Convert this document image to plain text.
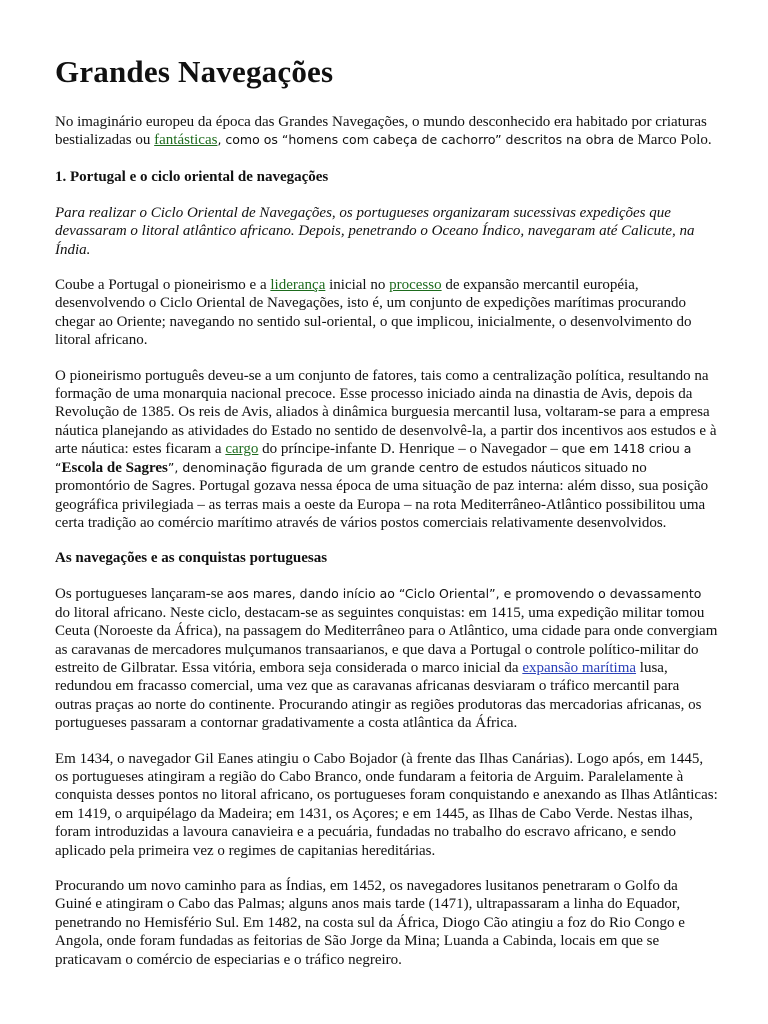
Grandes Navegações

No imaginário europeu da época das Grandes Navegações, o mundo desconhecido era habitado por criaturas bestializadas ou fantásticas, como os “homens com cabeça de cachorro” descritos na obra de Marco Polo.

1. Portugal e o ciclo oriental de navegações

Para realizar o Ciclo Oriental de Navegações, os portugueses organizaram sucessivas expedições que devassaram o litoral atlântico africano. Depois, penetrando o Oceano Índico, navegaram até Calicute, na Índia.

Coube a Portugal o pioneirismo e a liderança inicial no processo de expansão mercantil européia, desenvolvendo o Ciclo Oriental de Navegações, isto é, um conjunto de expedições marítimas procurando chegar ao Oriente; navegando no sentido sul-oriental, o que implicou, inicialmente, o desenvolvimento do litoral africano.

O pioneirismo português deveu-se a um conjunto de fatores, tais como a centralização política, resultando na formação de uma monarquia nacional precoce. Esse processo iniciado ainda na dinastia de Avis, depois da Revolução de 1385. Os reis de Avis, aliados à dinâmica burguesia mercantil lusa, voltaram-se para a empresa náutica planejando as atividades do Estado no sentido de desenvolvê-la, a partir dos incentivos aos estudos e à arte náutica: estes ficaram a cargo do príncipe-infante D. Henrique – o Navegador – que em 1418 criou a “Escola de Sagres”, denominação figurada de um grande centro de estudos náuticos situado no promontório de Sagres. Portugal gozava nessa época de uma situação de paz interna: além disso, sua posição geográfica privilegiada – as terras mais a oeste da Europa – na rota Mediterrâneo-Atlântico possibilitou uma certa tradição ao comércio marítimo através de vários postos comerciais relativamente desenvolvidos.

As navegações e as conquistas portuguesas

Os portugueses lançaram-se aos mares, dando início ao “Ciclo Oriental”, e promovendo o devassamento do litoral africano. Neste ciclo, destacam-se as seguintes conquistas: em 1415, uma expedição militar tomou Ceuta (Noroeste da África), na passagem do Mediterrâneo para o Atlântico, uma cidade para onde convergiam as caravanas de mercadores mulçumanos transaarianos, e que dava a Portugal o controle político-militar do estreito de Gilbratar. Essa vitória, embora seja considerada o marco inicial da expansão marítima lusa, redundou em fracasso comercial, uma vez que as caravanas africanas desviaram o tráfico mercantil para outras praças ao norte do continente. Procurando atingir as regiões produtoras das mercadorias africanas, os portugueses passaram a contornar gradativamente a costa atlântica da África.

Em 1434, o navegador Gil Eanes atingiu o Cabo Bojador (à frente das Ilhas Canárias). Logo após, em 1445, os portugueses atingiram a região do Cabo Branco, onde fundaram a feitoria de Arguim. Paralelamente à conquista desses pontos no litoral africano, os portugueses foram conquistando e anexando as Ilhas Atlânticas: em 1419, o arquipélago da Madeira; em 1431, os Açores; e em 1445, as Ilhas de Cabo Verde. Nestas ilhas, foram introduzidas a lavoura canavieira e a pecuária, fundadas no trabalho do escravo africano, e sendo aplicado pela primeira vez o regimes de capitanias hereditárias.

Procurando um novo caminho para as Índias, em 1452, os navegadores lusitanos penetraram o Golfo da Guiné e atingiram o Cabo das Palmas; alguns anos mais tarde (1471), ultrapassaram a linha do Equador, penetrando no Hemisfério Sul. Em 1482, na costa sul da África, Diogo Cão atingiu a foz do Rio Congo e Angola, onde foram fundadas as feitorias de São Jorge da Mina; Luanda a Cabinda, locais em que se praticavam o comércio de especiarias e o tráfico negreiro.
